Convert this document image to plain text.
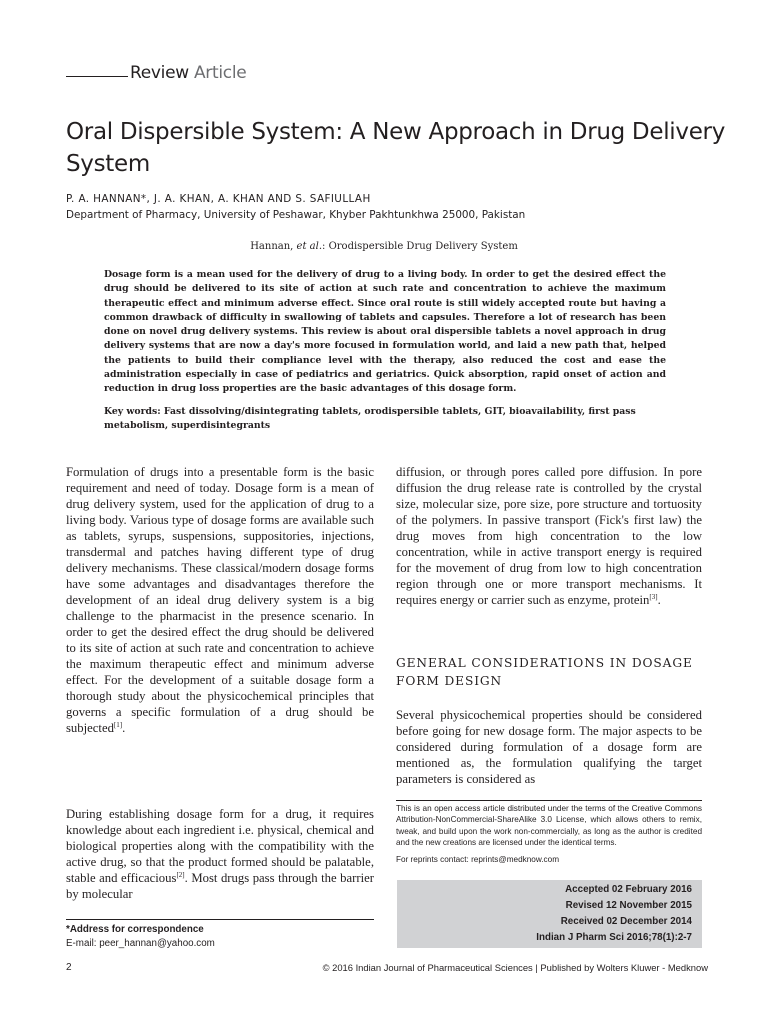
Review Article
Oral Dispersible System: A New Approach in Drug Delivery System
P. A. HANNAN*, J. A. KHAN, A. KHAN AND S. SAFIULLAH
Department of Pharmacy, University of Peshawar, Khyber Pakhtunkhwa 25000, Pakistan
Hannan, et al.: Orodispersible Drug Delivery System
Dosage form is a mean used for the delivery of drug to a living body. In order to get the desired effect the drug should be delivered to its site of action at such rate and concentration to achieve the maximum therapeutic effect and minimum adverse effect. Since oral route is still widely accepted route but having a common drawback of difficulty in swallowing of tablets and capsules. Therefore a lot of research has been done on novel drug delivery systems. This review is about oral dispersible tablets a novel approach in drug delivery systems that are now a day's more focused in formulation world, and laid a new path that, helped the patients to build their compliance level with the therapy, also reduced the cost and ease the administration especially in case of pediatrics and geriatrics. Quick absorption, rapid onset of action and reduction in drug loss properties are the basic advantages of this dosage form.
Key words: Fast dissolving/disintegrating tablets, orodispersible tablets, GIT, bioavailability, first pass metabolism, superdisintegrants

Formulation of drugs into a presentable form is the basic requirement and need of today. Dosage form is a mean of drug delivery system, used for the application of drug to a living body. Various type of dosage forms are available such as tablets, syrups, suspensions, suppositories, injections, transdermal and patches having different type of drug delivery mechanisms. These classical/modern dosage forms have some advantages and disadvantages therefore the development of an ideal drug delivery system is a big challenge to the pharmacist in the presence scenario. In order to get the desired effect the drug should be delivered to its site of action at such rate and concentration to achieve the maximum therapeutic effect and minimum adverse effect. For the development of a suitable dosage form a thorough study about the physicochemical principles that governs a specific formulation of a drug should be subjected[1].

During establishing dosage form for a drug, it requires knowledge about each ingredient i.e. physical, chemical and biological properties along with the compatibility with the active drug, so that the product formed should be palatable, stable and efficacious[2]. Most drugs pass through the barrier by molecular

diffusion, or through pores called pore diffusion. In pore diffusion the drug release rate is controlled by the crystal size, molecular size, pore size, pore structure and tortuosity of the polymers. In passive transport (Fick's first law) the drug moves from high concentration to the low concentration, while in active transport energy is required for the movement of drug from low to high concentration region through one or more transport mechanisms. It requires energy or carrier such as enzyme, protein[3].

GENERAL CONSIDERATIONS IN DOSAGE FORM DESIGN

Several physicochemical properties should be considered before going for new dosage form. The major aspects to be considered during formulation of a dosage form are mentioned as, the formulation qualifying the target parameters is considered as

This is an open access article distributed under the terms of the Creative Commons Attribution-NonCommercial-ShareAlike 3.0 License, which allows others to remix, tweak, and build upon the work non-commercially, as long as the author is credited and the new creations are licensed under the identical terms.
For reprints contact: reprints@medknow.com
Accepted 02 February 2016
Revised 12 November 2015
Received 02 December 2014
Indian J Pharm Sci 2016;78(1):2-7
*Address for correspondence
E-mail: peer_hannan@yahoo.com
2	© 2016 Indian Journal of Pharmaceutical Sciences | Published by Wolters Kluwer - Medknow
